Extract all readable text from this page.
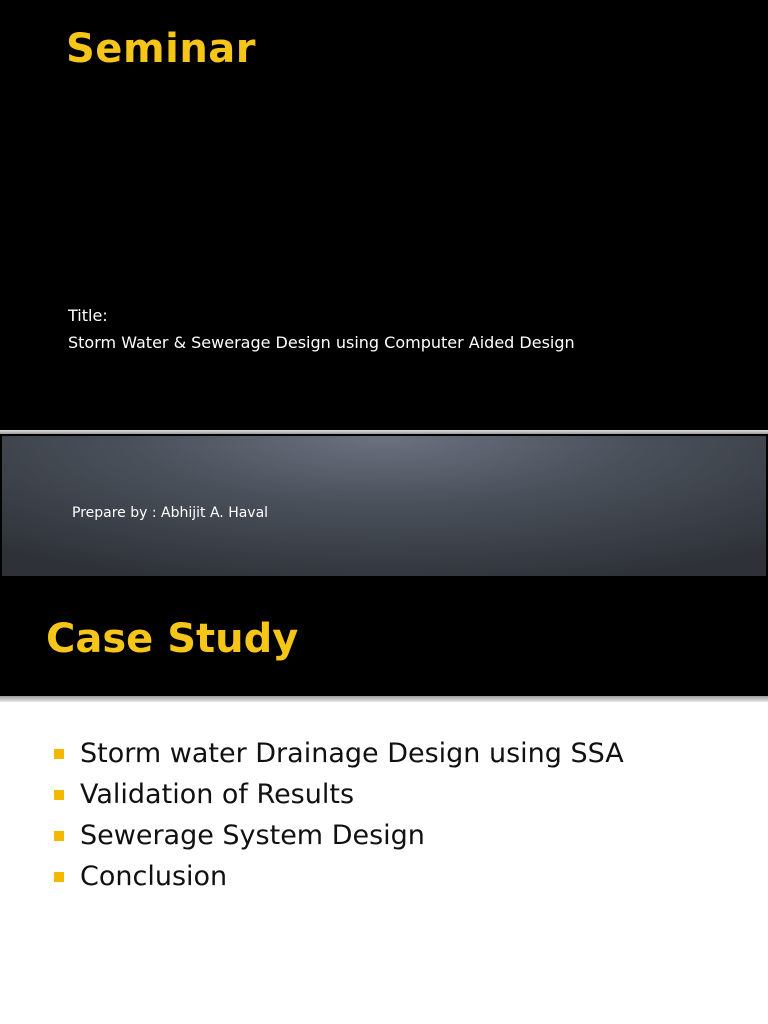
Seminar
Title:
Storm Water & Sewerage Design using Computer Aided Design
Prepare by : Abhijit A. Haval
Case Study
Storm water Drainage Design using SSA
Validation of Results
Sewerage System Design
Conclusion
